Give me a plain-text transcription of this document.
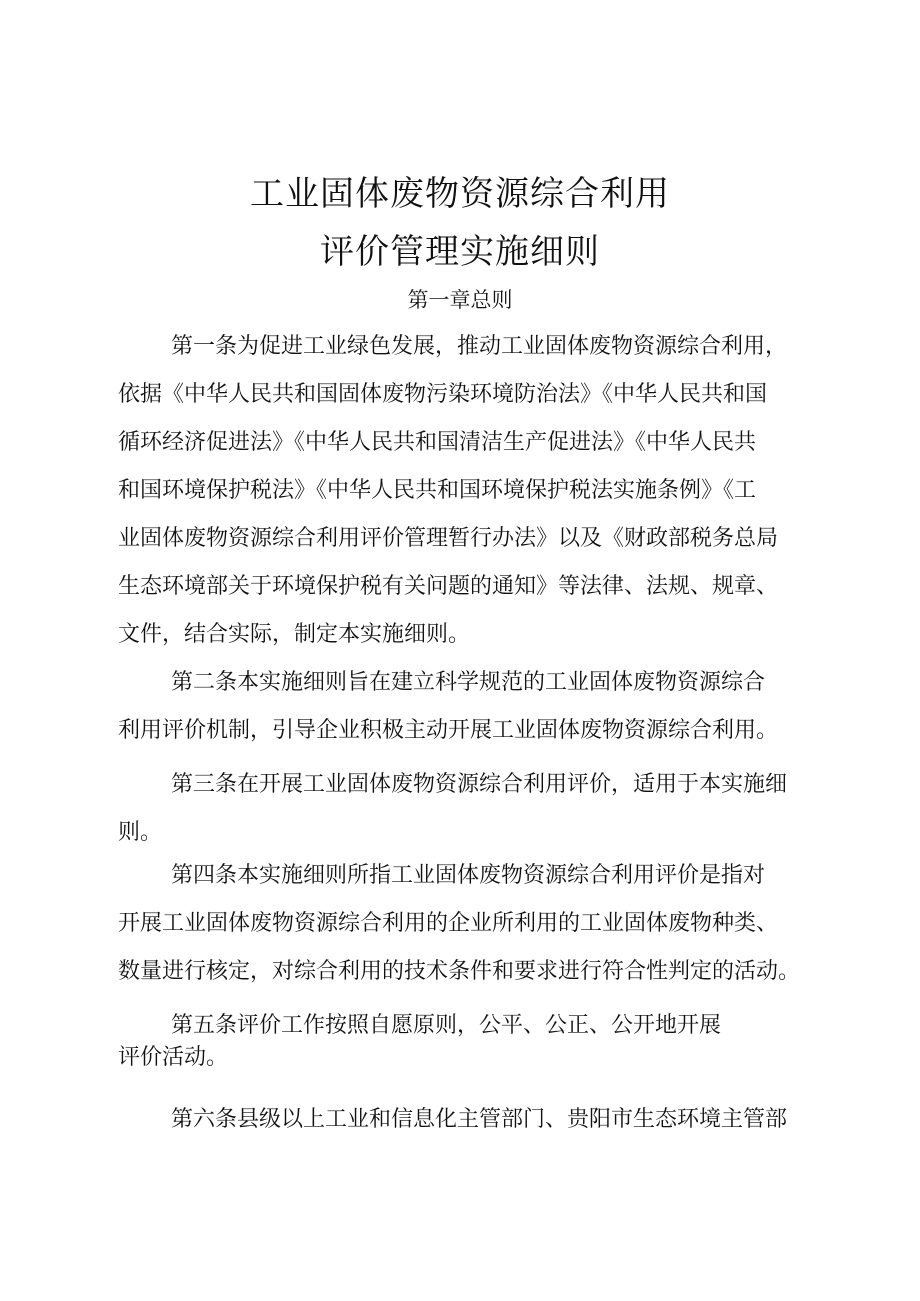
工业固体废物资源综合利用
评价管理实施细则
第一章总则
第一条为促进工业绿色发展，推动工业固体废物资源综合利用，
依据《中华人民共和国固体废物污染环境防治法》《中华人民共和国
循环经济促进法》《中华人民共和国清洁生产促进法》《中华人民共
和国环境保护税法》《中华人民共和国环境保护税法实施条例》《工
业固体废物资源综合利用评价管理暂行办法》以及《财政部税务总局
生态环境部关于环境保护税有关问题的通知》等法律、法规、规章、
文件，结合实际，制定本实施细则。
第二条本实施细则旨在建立科学规范的工业固体废物资源综合
利用评价机制，引导企业积极主动开展工业固体废物资源综合利用。
第三条在开展工业固体废物资源综合利用评价，适用于本实施细
则。
第四条本实施细则所指工业固体废物资源综合利用评价是指对
开展工业固体废物资源综合利用的企业所利用的工业固体废物种类、
数量进行核定，对综合利用的技术条件和要求进行符合性判定的活动。
第五条评价工作按照自愿原则，公平、公正、公开地开展
评价活动。
第六条县级以上工业和信息化主管部门、贵阳市生态环境主管部
